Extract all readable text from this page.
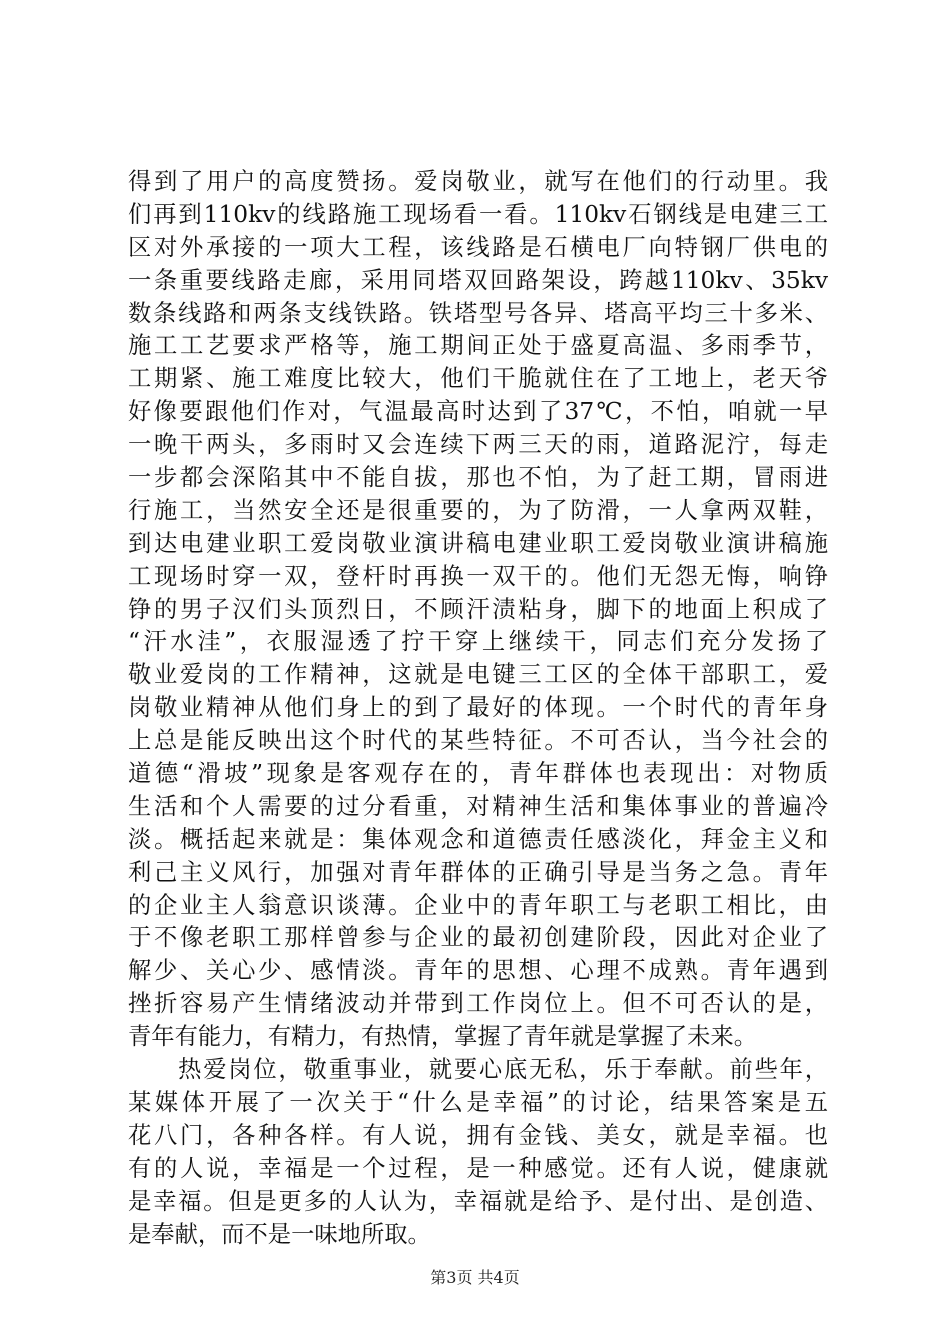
得到了用户的高度赞扬。爱岗敬业，就写在他们的行动里。我
们再到110kv的线路施工现场看一看。110kv石钢线是电建三工
区对外承接的一项大工程，该线路是石横电厂向特钢厂供电的
一条重要线路走廊，采用同塔双回路架设，跨越110kv、35kv
数条线路和两条支线铁路。铁塔型号各异、塔高平均三十多米、
施工工艺要求严格等，施工期间正处于盛夏高温、多雨季节，
工期紧、施工难度比较大，他们干脆就住在了工地上，老天爷
好像要跟他们作对，气温最高时达到了37℃，不怕，咱就一早
一晚干两头，多雨时又会连续下两三天的雨，道路泥泞，每走
一步都会深陷其中不能自拔，那也不怕，为了赶工期，冒雨进
行施工，当然安全还是很重要的，为了防滑，一人拿两双鞋，
到达电建业职工爱岗敬业演讲稿电建业职工爱岗敬业演讲稿施
工现场时穿一双，登杆时再换一双干的。他们无怨无悔，响铮
铮的男子汉们头顶烈日，不顾汗渍粘身，脚下的地面上积成了
“汗水洼”，衣服湿透了拧干穿上继续干，同志们充分发扬了
敬业爱岗的工作精神，这就是电键三工区的全体干部职工，爱
岗敬业精神从他们身上的到了最好的体现。一个时代的青年身
上总是能反映出这个时代的某些特征。不可否认，当今社会的
道德“滑坡”现象是客观存在的，青年群体也表现出：对物质
生活和个人需要的过分看重，对精神生活和集体事业的普遍冷
淡。概括起来就是：集体观念和道德责任感淡化，拜金主义和
利己主义风行，加强对青年群体的正确引导是当务之急。青年
的企业主人翁意识谈薄。企业中的青年职工与老职工相比，由
于不像老职工那样曾参与企业的最初创建阶段，因此对企业了
解少、关心少、感情淡。青年的思想、心理不成熟。青年遇到
挫折容易产生情绪波动并带到工作岗位上。但不可否认的是，
青年有能力，有精力，有热情，掌握了青年就是掌握了未来。
　　热爱岗位，敬重事业，就要心底无私，乐于奉献。前些年，
某媒体开展了一次关于“什么是幸福”的讨论，结果答案是五
花八门，各种各样。有人说，拥有金钱、美女，就是幸福。也
有的人说，幸福是一个过程，是一种感觉。还有人说，健康就
是幸福。但是更多的人认为，幸福就是给予、是付出、是创造、
是奉献，而不是一味地所取。
第3页 共4页
